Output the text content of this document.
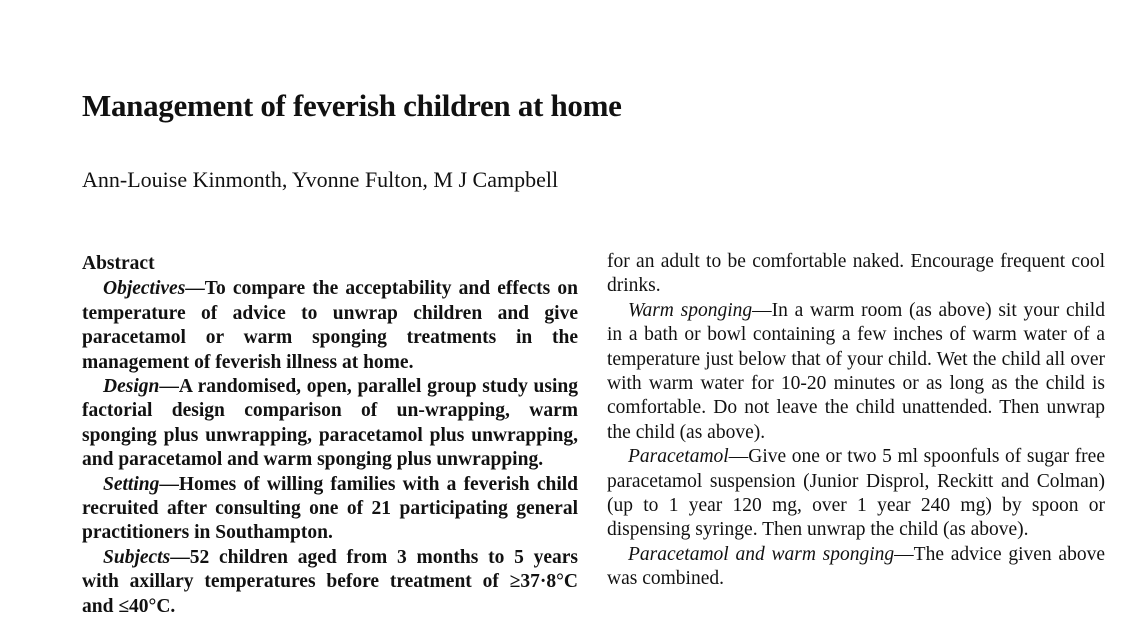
Management of feverish children at home
Ann-Louise Kinmonth, Yvonne Fulton, M J Campbell
Abstract

Objectives—To compare the acceptability and effects on temperature of advice to unwrap children and give paracetamol or warm sponging treatments in the management of feverish illness at home.

Design—A randomised, open, parallel group study using factorial design comparison of un-wrapping, warm sponging plus unwrapping, paracetamol plus unwrapping, and paracetamol and warm sponging plus unwrapping.

Setting—Homes of willing families with a feverish child recruited after consulting one of 21 participating general practitioners in Southampton.

Subjects—52 children aged from 3 months to 5 years with axillary temperatures before treatment of ≥37·8°C and ≤40°C.

for an adult to be comfortable naked. Encourage frequent cool drinks.

Warm sponging—In a warm room (as above) sit your child in a bath or bowl containing a few inches of warm water of a temperature just below that of your child. Wet the child all over with warm water for 10-20 minutes or as long as the child is comfortable. Do not leave the child unattended. Then unwrap the child (as above).

Paracetamol—Give one or two 5 ml spoonfuls of sugar free paracetamol suspension (Junior Disprol, Reckitt and Colman) (up to 1 year 120 mg, over 1 year 240 mg) by spoon or dispensing syringe. Then unwrap the child (as above).

Paracetamol and warm sponging—The advice given above was combined.
